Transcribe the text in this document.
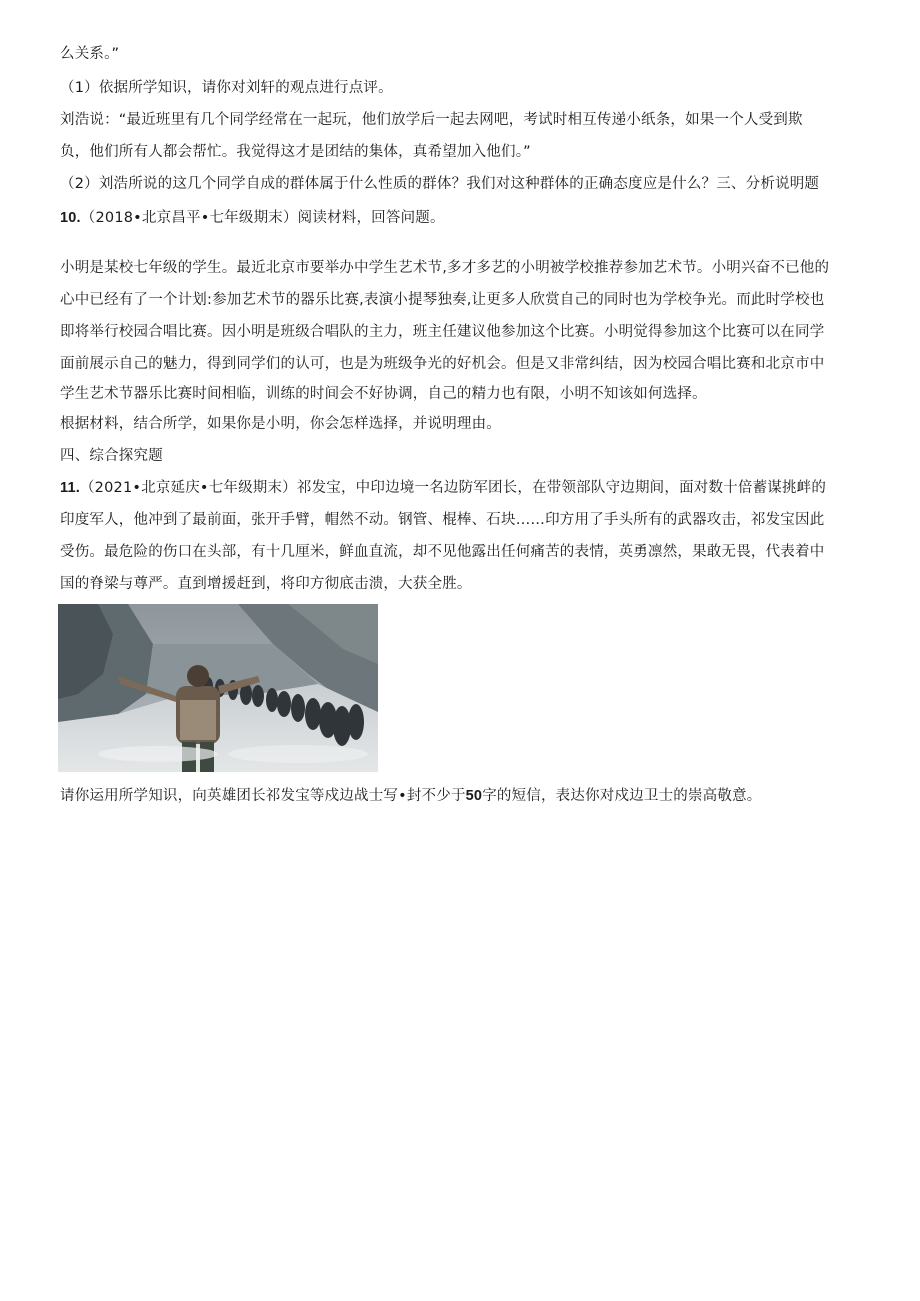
么关系。”
（1）依据所学知识，请你对刘轩的观点进行点评。
刘浩说：“最近班里有几个同学经常在一起玩，他们放学后一起去网吧，考试时相互传递小纸条，如果一个人受到欺
负，他们所有人都会帮忙。我觉得这才是团结的集体，真希望加入他们。”
（2）刘浩所说的这几个同学自成的群体属于什么性质的群体？我们对这种群体的正确态度应是什么？三、分析说明题
10.（2018•北京昌平•七年级期末）阅读材料，回答问题。
小明是某校七年级的学生。最近北京市要举办中学生艺术节,多才多艺的小明被学校推荐参加艺术节。小明兴奋不已他的
心中已经有了一个计划:参加艺术节的器乐比赛,表演小提琴独奏,让更多人欣赏自己的同时也为学校争光。而此时学校也
即将举行校园合唱比赛。因小明是班级合唱队的主力，班主任建议他参加这个比赛。小明觉得参加这个比赛可以在同学
面前展示自己的魅力，得到同学们的认可，也是为班级争光的好机会。但是又非常纠结，因为校园合唱比赛和北京市中
学生艺术节器乐比赛时间相临，训练的时间会不好协调，自己的精力也有限，小明不知该如何选择。
根据材料，结合所学，如果你是小明，你会怎样选择，并说明理由。
四、综合探究题
11.（2021•北京延庆•七年级期末）祁发宝，中印边境一名边防军团长，在带领部队守边期间，面对数十倍蓄谋挑衅的
印度军人，他冲到了最前面，张开手臂，帽然不动。钢管、棍棒、石块……印方用了手头所有的武器攻击，祁发宝因此
受伤。最危险的伤口在头部，有十几厘米，鲜血直流，却不见他露出任何痛苦的表情，英勇凛然，果敢无畏，代表着中
国的脊梁与尊严。直到增援赶到，将印方彻底击溃，大获全胜。
请你运用所学知识，向英雄团长祁发宝等戍边战士写•封不少于50字的短信，表达你对戍边卫士的崇高敬意。
